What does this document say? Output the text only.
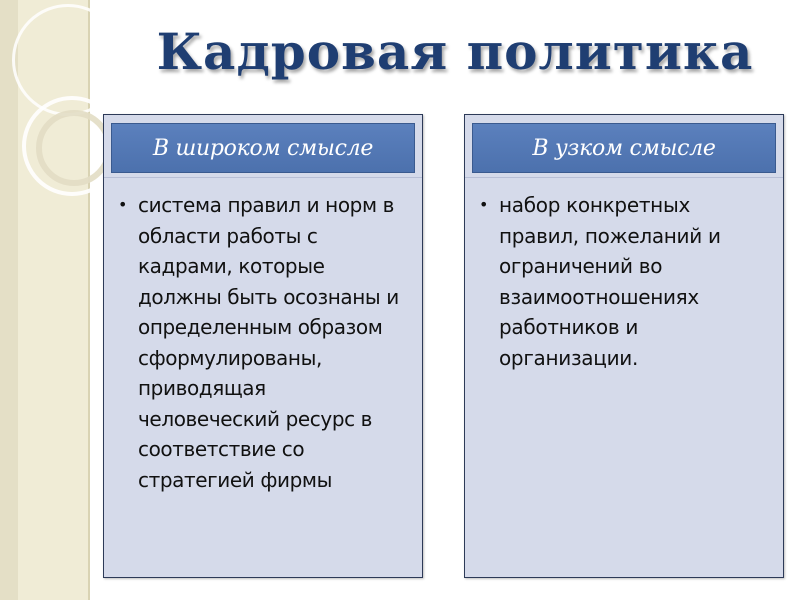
Кадровая политика
В широком смысле
• система правил и норм в области работы с кадрами, которые должны быть осознаны и определенным образом сформулированы, приводящая человеческий ресурс в соответствие со стратегией фирмы
В узком смысле
• набор конкретных правил, пожеланий и ограничений во взаимоотношениях работников и организации.
